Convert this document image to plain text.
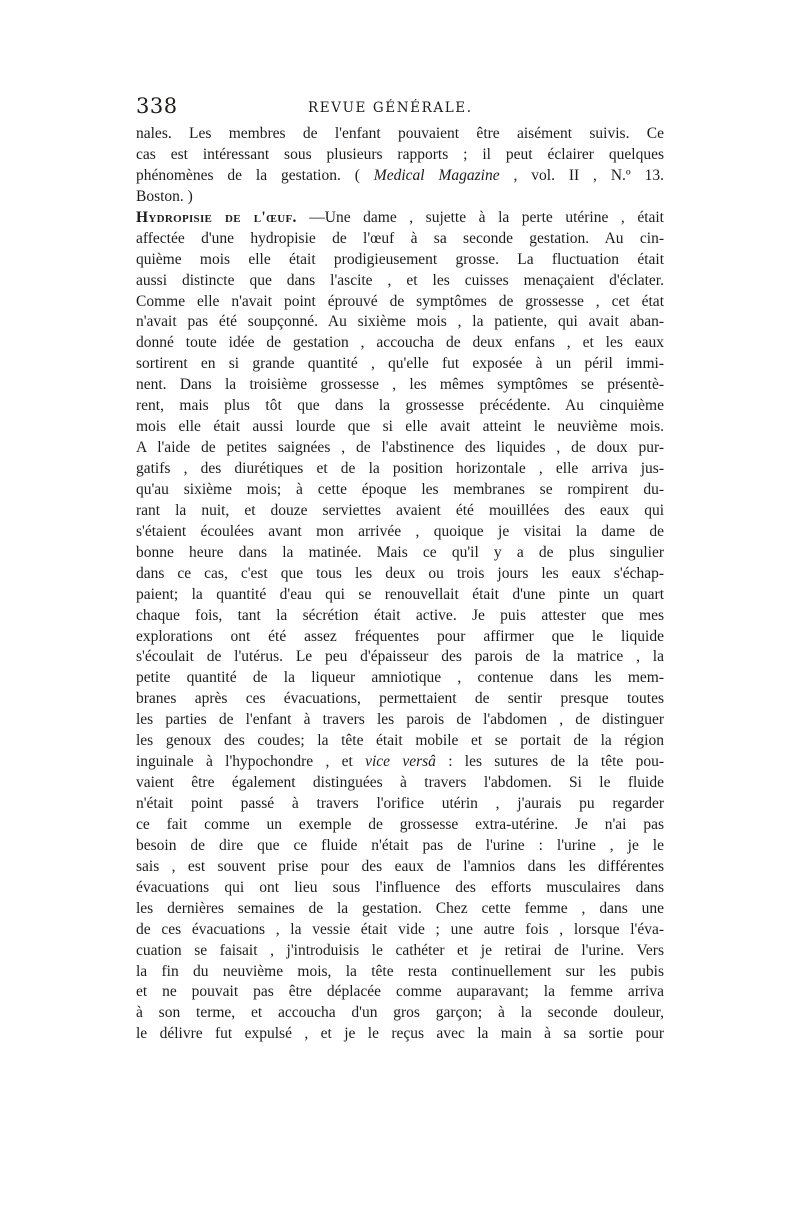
338	REVUE GÉNÉRALE.
nales. Les membres de l'enfant pouvaient être aisément suivis. Ce
cas est intéressant sous plusieurs rapports ; il peut éclairer quelques
phénomènes de la gestation. ( Medical Magazine , vol. II , N.º 13.
Boston. )
Hydropisie de l'œuf. —Une dame , sujette à la perte utérine , était
affectée d'une hydropisie de l'œuf à sa seconde gestation. Au cin-
quième mois elle était prodigieusement grosse. La fluctuation était
aussi distincte que dans l'ascite , et les cuisses menaçaient d'éclater.
Comme elle n'avait point éprouvé de symptômes de grossesse , cet état
n'avait pas été soupçonné. Au sixième mois , la patiente, qui avait aban-
donné toute idée de gestation , accoucha de deux enfans , et les eaux
sortirent en si grande quantité , qu'elle fut exposée à un péril immi-
nent. Dans la troisième grossesse , les mêmes symptômes se présentè-
rent, mais plus tôt que dans la grossesse précédente. Au cinquième
mois elle était aussi lourde que si elle avait atteint le neuvième mois.
A l'aide de petites saignées , de l'abstinence des liquides , de doux pur-
gatifs , des diurétiques et de la position horizontale , elle arriva jus-
qu'au sixième mois; à cette époque les membranes se rompirent du-
rant la nuit, et douze serviettes avaient été mouillées des eaux qui
s'étaient écoulées avant mon arrivée , quoique je visitai la dame de
bonne heure dans la matinée. Mais ce qu'il y a de plus singulier
dans ce cas, c'est que tous les deux ou trois jours les eaux s'échap-
paient; la quantité d'eau qui se renouvellait était d'une pinte un quart
chaque fois, tant la sécrétion était active. Je puis attester que mes
explorations ont été assez fréquentes pour affirmer que le liquide
s'écoulait de l'utérus. Le peu d'épaisseur des parois de la matrice , la
petite quantité de la liqueur amniotique , contenue dans les mem-
branes après ces évacuations, permettaient de sentir presque toutes
les parties de l'enfant à travers les parois de l'abdomen , de distinguer
les genoux des coudes; la tête était mobile et se portait de la région
inguinale à l'hypochondre , et vice versâ : les sutures de la tête pou-
vaient être également distinguées à travers l'abdomen. Si le fluide
n'était point passé à travers l'orifice utérin , j'aurais pu regarder
ce fait comme un exemple de grossesse extra-utérine. Je n'ai pas
besoin de dire que ce fluide n'était pas de l'urine : l'urine , je le
sais , est souvent prise pour des eaux de l'amnios dans les différentes
évacuations qui ont lieu sous l'influence des efforts musculaires dans
les dernières semaines de la gestation. Chez cette femme , dans une
de ces évacuations , la vessie était vide ; une autre fois , lorsque l'éva-
cuation se faisait , j'introduisis le cathéter et je retirai de l'urine. Vers
la fin du neuvième mois, la tête resta continuellement sur les pubis
et ne pouvait pas être déplacée comme auparavant; la femme arriva
à son terme, et accoucha d'un gros garçon; à la seconde douleur,
le délivre fut expulsé , et je le reçus avec la main à sa sortie pour
